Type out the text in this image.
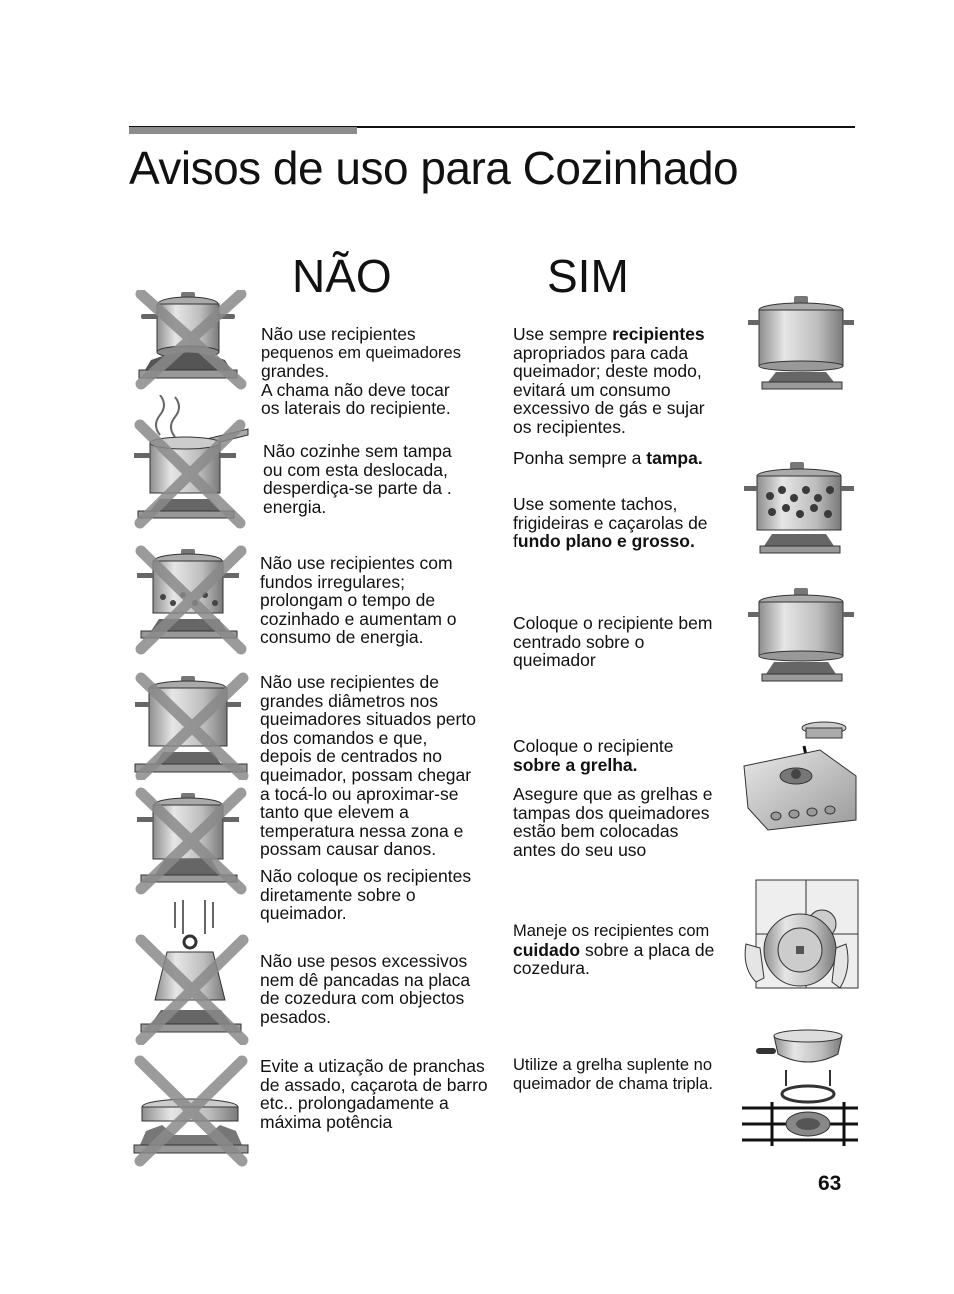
Avisos de uso para Cozinhado
NÃO	SIM
Não use recipientes
pequenos em queimadores
grandes.
A chama não deve tocar
os laterais do recipiente.
Não cozinhe sem tampa
ou com esta deslocada,
desperdiça-se parte da .
energia.
Não use recipientes com
fundos irregulares;
prolongam o tempo de
cozinhado e aumentam o
consumo de energia.
Não use recipientes de
grandes diâmetros nos
queimadores situados perto
dos comandos e que,
depois de centrados no
queimador, possam chegar
a tocá-lo ou aproximar-se
tanto que elevem a
temperatura nessa zona e
possam causar danos.
Não coloque os recipientes
diretamente sobre o
queimador.
Não use pesos excessivos
nem dê pancadas na placa
de cozedura com objectos
pesados.
Evite a utização de pranchas
de assado, caçarota de barro
etc.. prolongadamente a
máxima potência
Use sempre recipientes
apropriados para cada
queimador; deste modo,
evitará um consumo
excessivo de gás e sujar
os recipientes.
Ponha sempre a tampa.
Use somente tachos,
frigideiras e caçarolas de
fundo plano e grosso.
Coloque o recipiente bem
centrado sobre o
queimador
Coloque o recipiente
sobre a grelha.
Asegure que as grelhas e
tampas dos queimadores
estão bem colocadas
antes do seu uso
Maneje os recipientes com
cuidado sobre a placa de
cozedura.
Utilize a grelha suplente no
queimador de chama tripla.
63
